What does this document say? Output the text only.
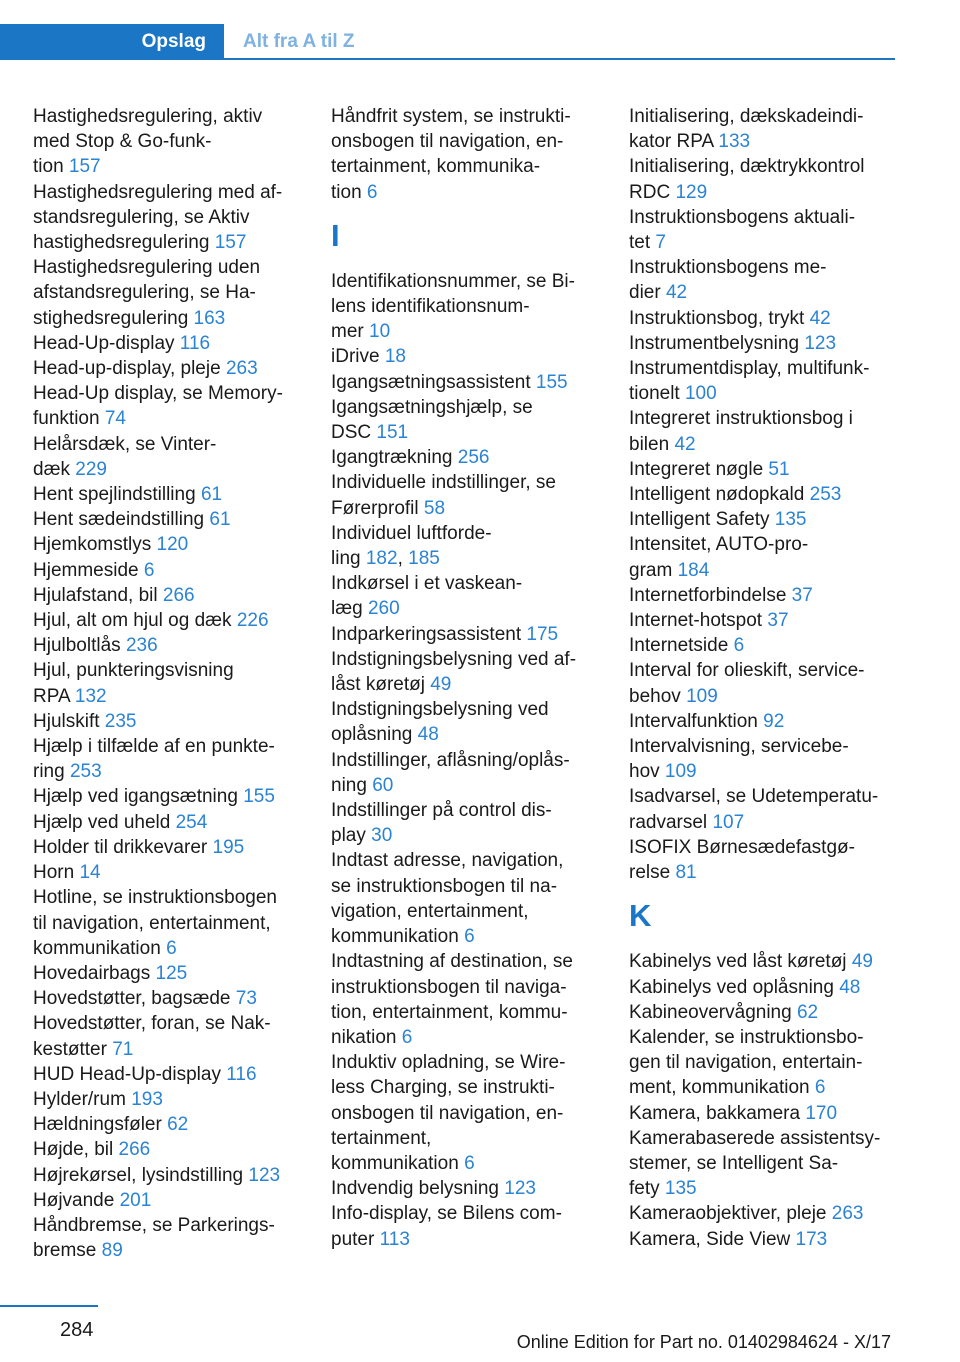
Opslag	Alt fra A til Z
Hastighedsregulering, aktiv
med Stop & Go-funk-
tion 157
Hastighedsregulering med af-
standsregulering, se Aktiv
hastighedsregulering 157
Hastighedsregulering uden
afstandsregulering, se Ha-
stighedsregulering 163
Head-Up-display 116
Head-up-display, pleje 263
Head-Up display, se Memory-
funktion 74
Helårsdæk, se Vinter-
dæk 229
Hent spejlindstilling 61
Hent sædeindstilling 61
Hjemkomstlys 120
Hjemmeside 6
Hjulafstand, bil 266
Hjul, alt om hjul og dæk 226
Hjulboltlås 236
Hjul, punkteringsvisning
RPA 132
Hjulskift 235
Hjælp i tilfælde af en punkte-
ring 253
Hjælp ved igangsætning 155
Hjælp ved uheld 254
Holder til drikkevarer 195
Horn 14
Hotline, se instruktionsbogen
til navigation, entertainment,
kommunikation 6
Hovedairbags 125
Hovedstøtter, bagsæde 73
Hovedstøtter, foran, se Nak-
kestøtter 71
HUD Head-Up-display 116
Hylder/rum 193
Hældningsføler 62
Højde, bil 266
Højrekørsel, lysindstilling 123
Højvande 201
Håndbremse, se Parkerings-
bremse 89
Håndfrit system, se instrukti-
onsbogen til navigation, en-
tertainment, kommunika-
tion 6
I
Identifikationsnummer, se Bi-
lens identifikationsnum-
mer 10
iDrive 18
Igangsætningsassistent 155
Igangsætningshjælp, se
DSC 151
Igangtrækning 256
Individuelle indstillinger, se
Førerprofil 58
Individuel luftforde-
ling 182, 185
Indkørsel i et vaskean-
læg 260
Indparkeringsassistent 175
Indstigningsbelysning ved af-
låst køretøj 49
Indstigningsbelysning ved
oplåsning 48
Indstillinger, aflåsning/oplås-
ning 60
Indstillinger på control dis-
play 30
Indtast adresse, navigation,
se instruktionsbogen til na-
vigation, entertainment,
kommunikation 6
Indtastning af destination, se
instruktionsbogen til naviga-
tion, entertainment, kommu-
nikation 6
Induktiv opladning, se Wire-
less Charging, se instrukti-
onsbogen til navigation, en-
tertainment,
kommunikation 6
Indvendig belysning 123
Info-display, se Bilens com-
puter 113
Initialisering, dækskadeindi-
kator RPA 133
Initialisering, dæktrykkontrol
RDC 129
Instruktionsbogens aktuali-
tet 7
Instruktionsbogens me-
dier 42
Instruktionsbog, trykt 42
Instrumentbelysning 123
Instrumentdisplay, multifunk-
tionelt 100
Integreret instruktionsbog i
bilen 42
Integreret nøgle 51
Intelligent nødopkald 253
Intelligent Safety 135
Intensitet, AUTO-pro-
gram 184
Internetforbindelse 37
Internet-hotspot 37
Internetside 6
Interval for olieskift, service-
behov 109
Intervalfunktion 92
Intervalvisning, servicebe-
hov 109
Isadvarsel, se Udetemperatu-
radvarsel 107
ISOFIX Børnesædefastgø-
relse 81
K
Kabinelys ved låst køretøj 49
Kabinelys ved oplåsning 48
Kabineovervågning 62
Kalender, se instruktionsbo-
gen til navigation, entertain-
ment, kommunikation 6
Kamera, bakkamera 170
Kamerabaserede assistentsy-
stemer, se Intelligent Sa-
fety 135
Kameraobjektiver, pleje 263
Kamera, Side View 173
284
Online Edition for Part no. 01402984624 - X/17
